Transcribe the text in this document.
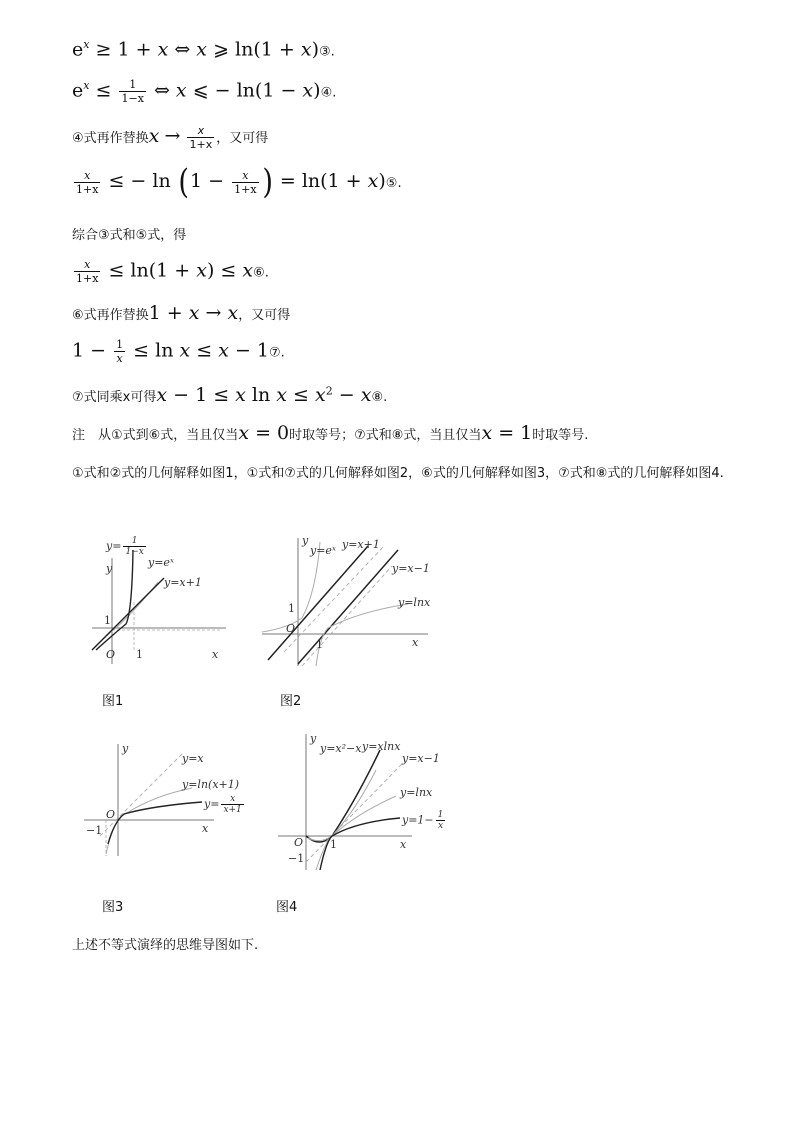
$e^x \ge 1 + x$ ⇔ x ⩾ ln(1 + x)③.
$e^x \le \frac{1}{1-x}$ ⇔ x ⩽ − ln(1 − x)④.
④式再作替换$x \to \frac{x}{1+x}$ ，又可得
$\frac{x}{1+x}$ ≤ − $\ln (1 - \frac{x}{1+x}$ ) = ln(1 + x)⑤.
综合③式和⑤式，得
$\frac{x}{1+x} \le \ln(1 + x)$ ≤ x⑥.
⑥式再作替换1 + x → x，又可得
$1 - \frac{1}{x} \le \ln x \le x$ − 1⑦.
⑦式同乘x可得x − 1 ≤ x $\ln x \le x^2$ − x⑧.
注　从①式到⑥式，当且仅当x = 0时取等号；⑦式和⑧式，当且仅当x = 1时取等号.
①式和②式的几何解释如图1，①式和⑦式的几何解释如图2，⑥式的几何解释如图3，⑦式和⑧式的几何解释如图4.
y
x
O 1
1
$y= \frac{1}{1-x}$
y=eˣ
y=x+1
图1
y
x
O
1
1
y=eˣ y=x+1
y=x−1
y=lnx
图2
y
x
O
−1
y=x
y=ln(x+1)
$y= \frac{x}{x+1}$
图3
y
x
O 1
−1
y=x²−x y=xlnx
y=x−1
y=lnx
$y=1- \frac{1}{x}$
图4
上述不等式演绎的思维导图如下.
